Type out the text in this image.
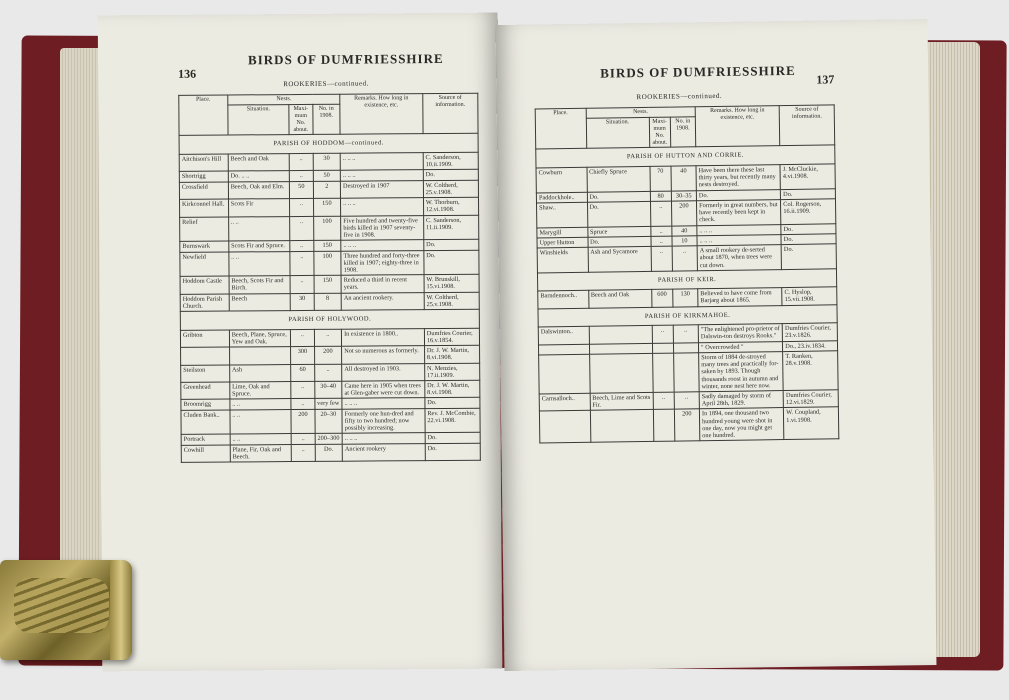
136
BIRDS OF DUMFRIESSHIRE
ROOKERIES—continued.
Place.	Nests.			Remarks. How long in existence, etc.	Source of information.
	Situation.	Maxi-mum No. about.	No. in 1908.		
PARISH OF HODDOM—continued.					
Aitchison's Hill	Beech and Oak	..	30	.. .. ..	C. Sanderson, 10.ii.1909.
Shortrigg	Do. .. ..	..	50	.. .. ..	Do.
Crossfield	Beech, Oak and Elm.	50	2	Destroyed in 1907	W. Coltherd, 25.v.1908.
Kirkconnel Hall.	Scots Fir	..	150	.. .. ..	W. Thorburn, 12.vi.1908.
Relief	.. ..	..	100	Five hundred and twenty-five birds killed in 1907 seventy-five in 1908.	C. Sanderson, 11.ii.1909.
Burnswark	Scots Fir and Spruce.	..	150	.. .. ..	Do.
Newfield	.. ..	..	100	Three hundred and forty-three killed in 1907; eighty-three in 1908.	Do.
Hoddom Castle	Beech, Scots Fir and Birch.	..	150	Reduced a third in recent years.	W. Brunskill, 15.vi.1908.
Hoddom Parish Church.	Beech	30	8	An ancient rookery.	W. Coltherd, 25.v.1908.
PARISH OF HOLYWOOD.					
Gribton	Beech, Plane, Spruce, Yew and Oak.	..	..	In existence in 1800..	Dumfries Courier, 16.v.1854.
		300	200	Not so numerous as formerly.	Dr. J. W. Martin, 8.vi.1908.
Steilston	Ash	60	..	All destroyed in 1903.	N. Menzies, 17.ii.1909.
Greenhead	Lime, Oak and Spruce.	..	30–40	Came here in 1905 when trees at Glen-gaber were cut down.	Dr. J. W. Martin, 8.vi.1908.
Broomrigg	.. ..	..	very few	.. .. ..	Do.
Cluden Bank..	.. ..	200	20–30	Formerly one hun-dred and fifty to two hundred; now possibly increasing.	Rev. J. McCombie, 22.vi.1908.
Portrack	.. ..	..	200–300	.. .. ..	Do.
Cowhill	Plane, Fir, Oak and Beech.	..	Do.	Ancient rookery	Do.
BIRDS OF DUMFRIESSHIRE 137
ROOKERIES—continued.
Place.	Nests.			Remarks. How long in existence, etc.	Source of information.
	Situation.	Maxi-mum No. about.	No. in 1908.		
PARISH OF HUTTON AND CORRIE.					
Cowburn	Chiefly Spruce	70	40	Have been there these last thirty years, but recently many nests destroyed.	J. McCluckie, 4.vi.1908.
Paddockhole..	Do.	80	30–35	Do.	Do.
Shaw..	Do.	..	200	Formerly in great numbers, but have recently been kept in check.	Col. Rogerson, 16.ii.1909.
Marygill	Spruce	..	40	.. .. ..	Do.
Upper Hutton	Do.	..	10	.. .. ..	Do.
Winshields	Ash and Sycamore	..	..	A small rookery de-serted about 1870, when trees were cut down.	Do.
PARISH OF KEIR.					
Barndennoch..	Beech and Oak	600	130	Believed to have come from Barjarg about 1865.	C. Hyslop, 15.vii.1908.
PARISH OF KIRKMAHOE.					
Dalswinton..		..	..	"The enlightened pro-prietor of Dalswin-ton destroys Rooks."	Dumfries Courier, 23.v.1826.
				" Overcrowded "	Do., 23.iv.1834.
				Storm of 1884 de-stroyed many trees and practically for-saken by 1893. Though thousands roost in autumn and winter, none nest here now.	T. Ranken, 28.v.1908.
Carnsalloch..	Beech, Lime and Scots Fir.	..	..	Sadly damaged by storm of April 28th, 1829.	Dumfries Courier, 12.vi.1829.
			200	In 1894, one thousand two hundred young were shot in one day, now you might get one hundred.	W. Coupland, 1.vi.1908.
